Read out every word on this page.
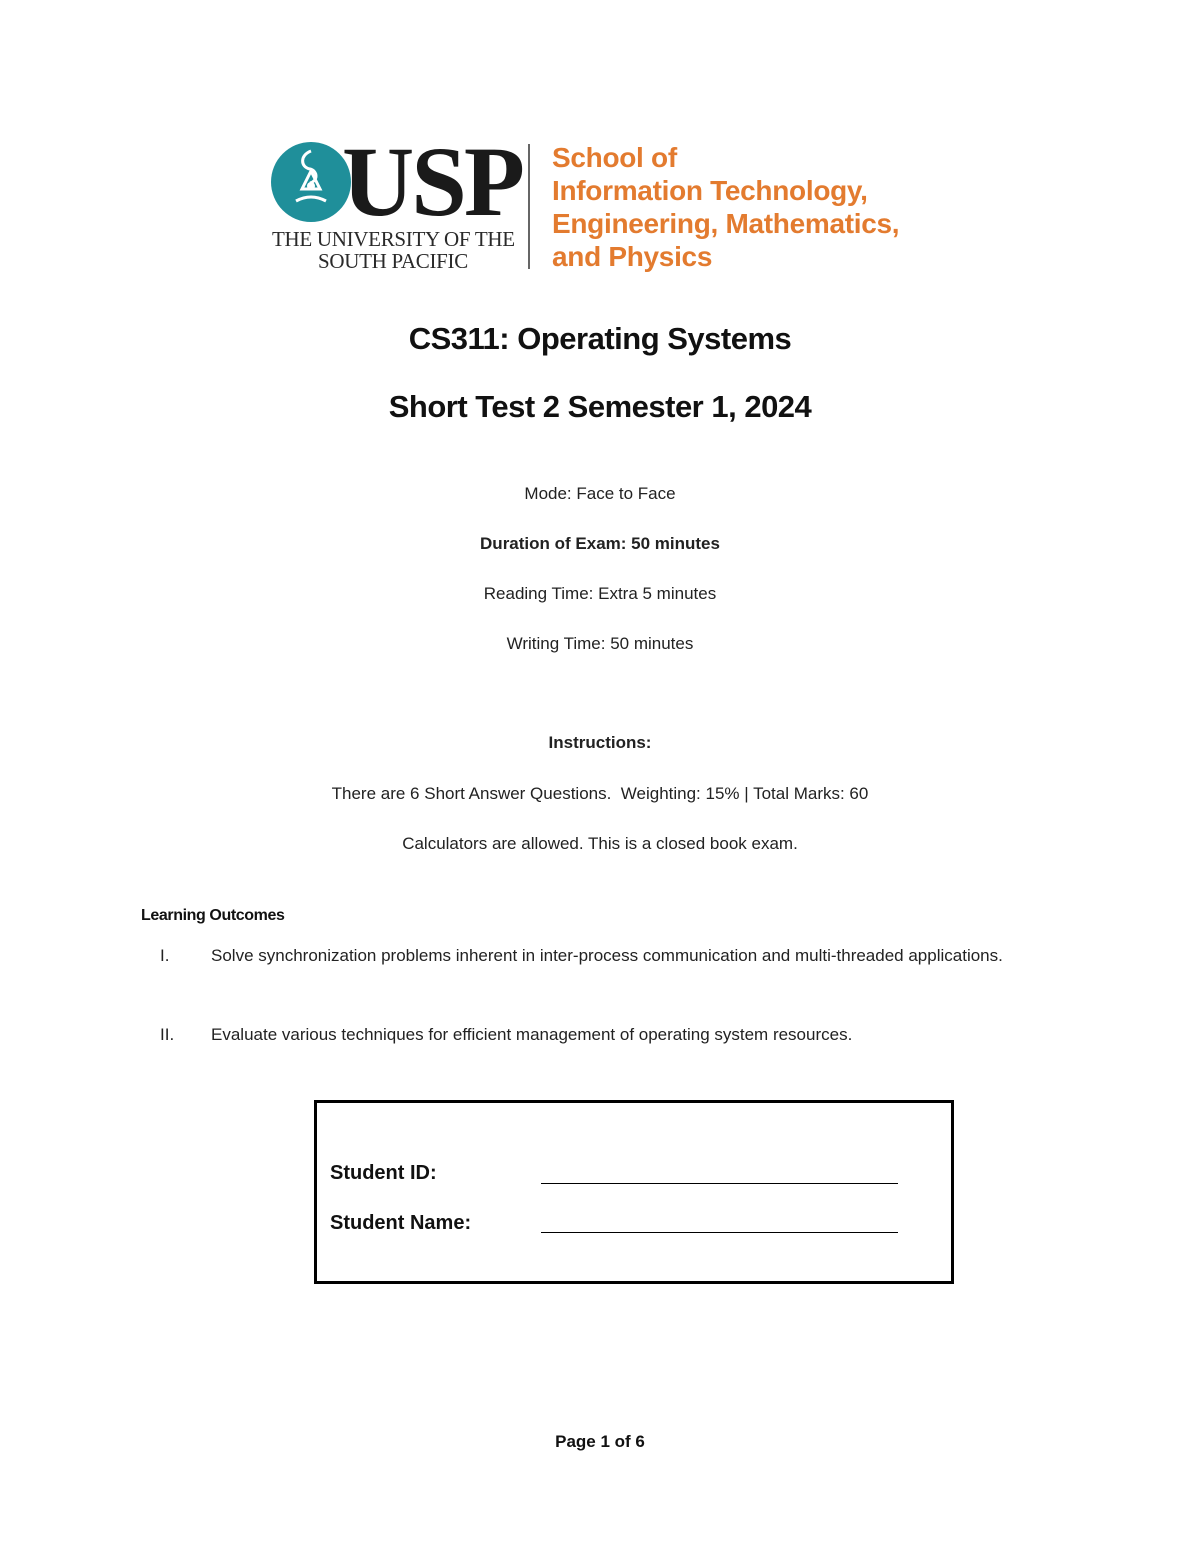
USP
THE UNIVERSITY OF THE
SOUTH PACIFIC
School of
Information Technology,
Engineering, Mathematics,
and Physics
CS311: Operating Systems
Short Test 2 Semester 1, 2024
Mode: Face to Face
Duration of Exam: 50 minutes
Reading Time: Extra 5 minutes
Writing Time: 50 minutes
Instructions:
There are 6 Short Answer Questions.  Weighting: 15% | Total Marks: 60
Calculators are allowed. This is a closed book exam.
Learning Outcomes
I. Solve synchronization problems inherent in inter-process communication and multi-threaded applications.
II. Evaluate various techniques for efficient management of operating system resources.
Student ID:
Student Name:
Page 1 of 6
